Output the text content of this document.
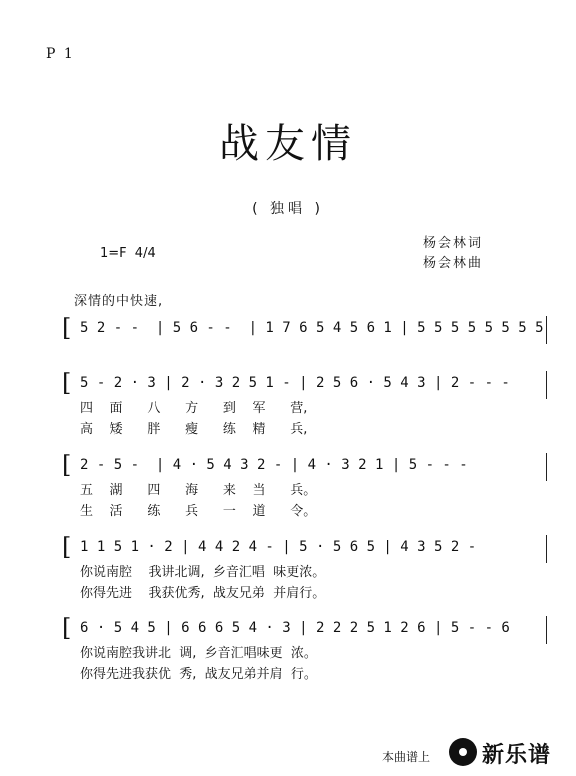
P 1
战友情
( 独唱 )
1=F 4/4
杨会林词
杨会林曲
深情的中快速,
5 2 - -  | 5 6 - -  | 1 7 6 5 4 5 6 1 | 5 5 5 5 5 5 5 5
[
5 - 2 · 3 | 2 · 3 2 5 1 - | 2 5 6 · 5 4 3 | 2 - - -
四    面      八      方      到    军      营,
高    矮      胖      瘦      练    精      兵,
[
2 - 5 -  | 4 · 5 4 3 2 - | 4 · 3 2 1 | 5 - - -
五    湖      四      海      来    当      兵。
生    活      练      兵      一    道      令。
[
1 1 5 1 · 2 | 4 4 2 4 - | 5 · 5 6 5 | 4 3 5 2 -
你说南腔    我讲北调,  乡音汇唱  味更浓。
你得先进    我获优秀,  战友兄弟  并肩行。
[
6 · 5 4 5 | 6 6 6 5 4 · 3 | 2 2 2 5 1 2 6 | 5 - - 6
你说南腔我讲北  调,  乡音汇唱味更  浓。
你得先进我获优  秀,  战友兄弟并肩  行。
[
本曲谱上 新乐谱
